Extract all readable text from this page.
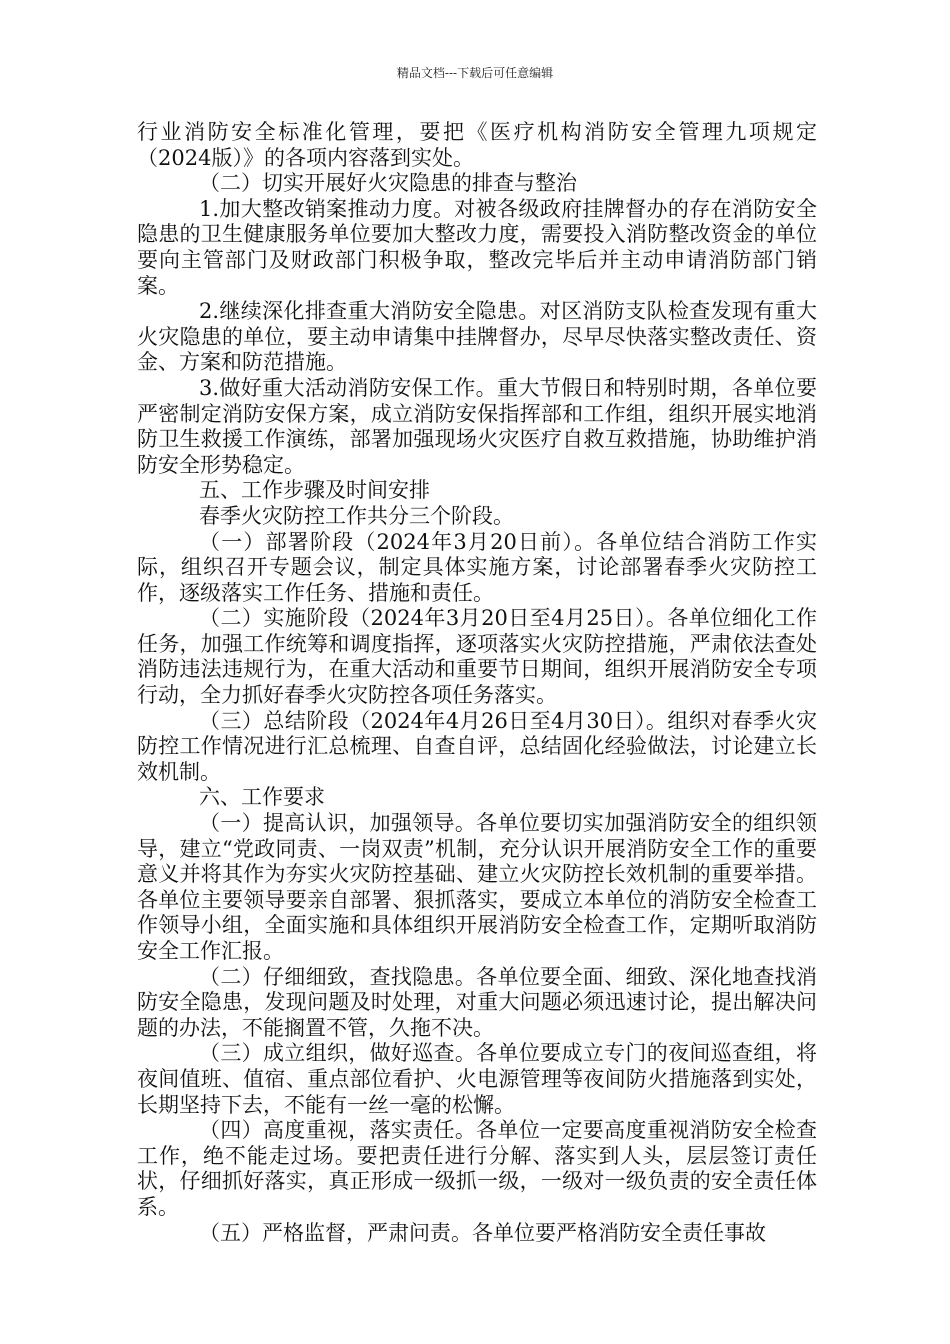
精品文档---下载后可任意编辑

行业消防安全标准化管理，要把《医疗机构消防安全管理九项规定（2024版）》的各项内容落到实处。

（二）切实开展好火灾隐患的排查与整治

1.加大整改销案推动力度。对被各级政府挂牌督办的存在消防安全隐患的卫生健康服务单位要加大整改力度，需要投入消防整改资金的单位要向主管部门及财政部门积极争取，整改完毕后并主动申请消防部门销案。

2.继续深化排查重大消防安全隐患。对区消防支队检查发现有重大火灾隐患的单位，要主动申请集中挂牌督办，尽早尽快落实整改责任、资金、方案和防范措施。

3.做好重大活动消防安保工作。重大节假日和特别时期，各单位要严密制定消防安保方案，成立消防安保指挥部和工作组，组织开展实地消防卫生救援工作演练，部署加强现场火灾医疗自救互救措施，协助维护消防安全形势稳定。

五、工作步骤及时间安排

春季火灾防控工作共分三个阶段。

（一）部署阶段（2024年3月20日前）。各单位结合消防工作实际，组织召开专题会议，制定具体实施方案，讨论部署春季火灾防控工作，逐级落实工作任务、措施和责任。

（二）实施阶段（2024年3月20日至4月25日）。各单位细化工作任务，加强工作统筹和调度指挥，逐项落实火灾防控措施，严肃依法查处消防违法违规行为，在重大活动和重要节日期间，组织开展消防安全专项行动，全力抓好春季火灾防控各项任务落实。

（三）总结阶段（2024年4月26日至4月30日）。组织对春季火灾防控工作情况进行汇总梳理、自查自评，总结固化经验做法，讨论建立长效机制。

六、工作要求

（一）提高认识，加强领导。各单位要切实加强消防安全的组织领导，建立“党政同责、一岗双责”机制，充分认识开展消防安全工作的重要意义并将其作为夯实火灾防控基础、建立火灾防控长效机制的重要举措。各单位主要领导要亲自部署、狠抓落实，要成立本单位的消防安全检查工作领导小组，全面实施和具体组织开展消防安全检查工作，定期听取消防安全工作汇报。

（二）仔细细致，查找隐患。各单位要全面、细致、深化地查找消防安全隐患，发现问题及时处理，对重大问题必须迅速讨论，提出解决问题的办法，不能搁置不管，久拖不决。

（三）成立组织，做好巡查。各单位要成立专门的夜间巡查组，将夜间值班、值宿、重点部位看护、火电源管理等夜间防火措施落到实处，长期坚持下去，不能有一丝一毫的松懈。

（四）高度重视，落实责任。各单位一定要高度重视消防安全检查工作，绝不能走过场。要把责任进行分解、落实到人头，层层签订责任状，仔细抓好落实，真正形成一级抓一级，一级对一级负责的安全责任体系。

（五）严格监督，严肃问责。各单位要严格消防安全责任事故
